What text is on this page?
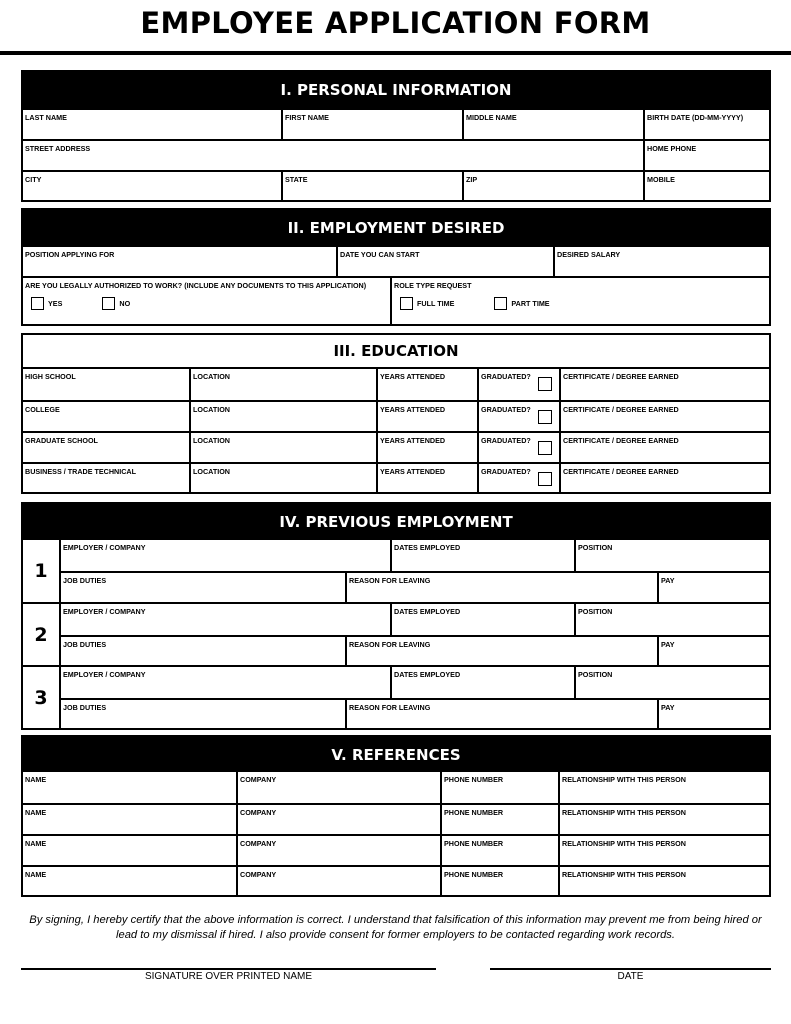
EMPLOYEE APPLICATION FORM
I. PERSONAL INFORMATION
LAST NAME	FIRST NAME	MIDDLE NAME	BIRTH DATE (DD-MM-YYYY)
STREET ADDRESS	HOME PHONE
CITY	STATE	ZIP	MOBILE
II. EMPLOYMENT DESIRED
POSITION APPLYING FOR	DATE YOU CAN START	DESIRED SALARY
ARE YOU LEGALLY AUTHORIZED TO WORK? (INCLUDE ANY DOCUMENTS TO THIS APPLICATION)
YES	NO
ROLE TYPE REQUEST
FULL TIME	PART TIME
III. EDUCATION
HIGH SCHOOL	LOCATION	YEARS ATTENDED	GRADUATED?	CERTIFICATE / DEGREE EARNED
COLLEGE	LOCATION	YEARS ATTENDED	GRADUATED?	CERTIFICATE / DEGREE EARNED
GRADUATE SCHOOL	LOCATION	YEARS ATTENDED	GRADUATED?	CERTIFICATE / DEGREE EARNED
BUSINESS / TRADE TECHNICAL	LOCATION	YEARS ATTENDED	GRADUATED?	CERTIFICATE / DEGREE EARNED
IV. PREVIOUS EMPLOYMENT
1
EMPLOYER / COMPANY	DATES EMPLOYED	POSITION
JOB DUTIES	REASON FOR LEAVING	PAY
2
EMPLOYER / COMPANY	DATES EMPLOYED	POSITION
JOB DUTIES	REASON FOR LEAVING	PAY
3
EMPLOYER / COMPANY	DATES EMPLOYED	POSITION
JOB DUTIES	REASON FOR LEAVING	PAY
V. REFERENCES
NAME	COMPANY	PHONE NUMBER	RELATIONSHIP WITH THIS PERSON
NAME	COMPANY	PHONE NUMBER	RELATIONSHIP WITH THIS PERSON
NAME	COMPANY	PHONE NUMBER	RELATIONSHIP WITH THIS PERSON
NAME	COMPANY	PHONE NUMBER	RELATIONSHIP WITH THIS PERSON
By signing, I hereby certify that the above information is correct. I understand that falsification of this information may prevent me from being hired or lead to my dismissal if hired. I also provide consent for former employers to be contacted regarding work records.
SIGNATURE OVER PRINTED NAME	DATE
